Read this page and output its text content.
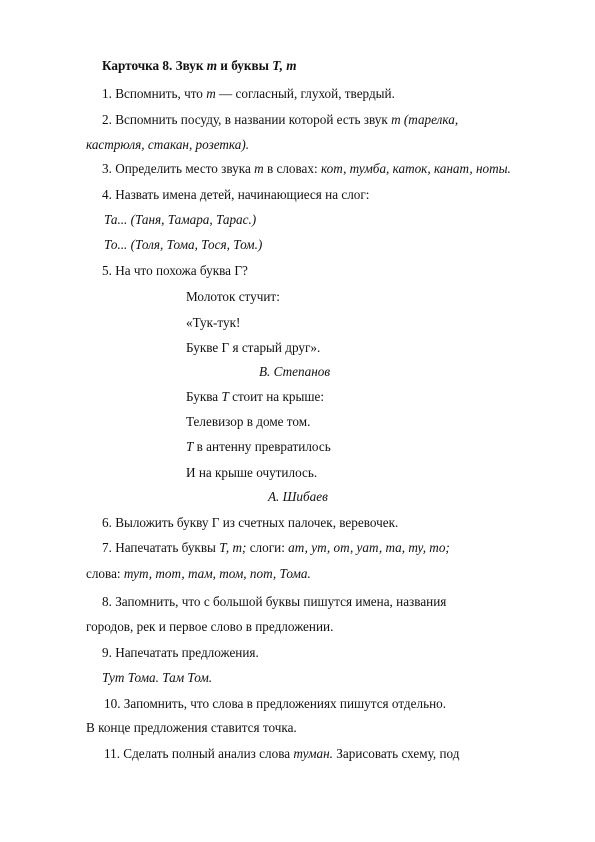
Карточка 8. Звук т и буквы Т, т
1. Вспомнить, что т — согласный, глухой, твердый.
2. Вспомнить посуду, в названии которой есть звук т (тарелка,
кастрюля, стакан, розетка).
3. Определить место звука т в словах: кот, тумба, каток, канат, ноты.
4. Назвать имена детей, начинающиеся на слог:
Та... (Таня, Тамара, Тарас.)
То... (Толя, Тома, Тося, Том.)
5. На что похожа буква Г?
Молоток стучит:
«Тук-тук!
Букве Г я старый друг».
В. Степанов
Буква Т стоит на крыше:
Телевизор в доме том.
Т в антенну превратилось
И на крыше очутилось.
А. Шибаев
6. Выложить букву Г из счетных палочек, веревочек.
7. Напечатать буквы Т, т; слоги: ат, ут, от, уат, та, ту, то;
слова: тут, тот, там, том, пот, Тома.
8. Запомнить, что с большой буквы пишутся имена, названия
городов, рек и первое слово в предложении.
9. Напечатать предложения.
Тут Тома. Там Том.
10. Запомнить, что слова в предложениях пишутся отдельно.
В конце предложения ставится точка.
11. Сделать полный анализ слова туман. Зарисовать схему, под
